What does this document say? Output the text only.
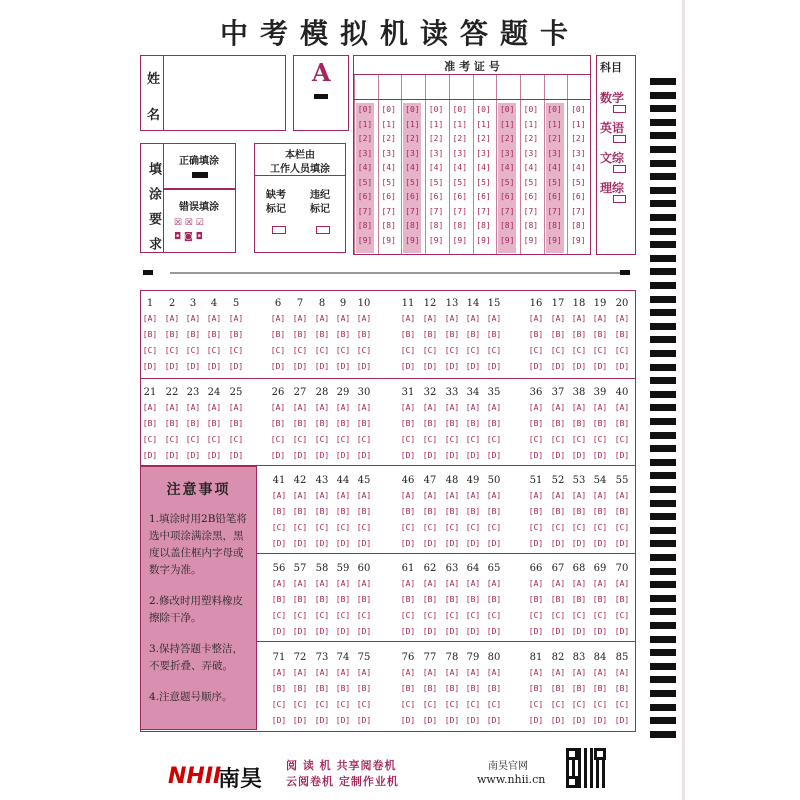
中考模拟机读答题卡
姓
名
A	准 考 证 号
[0]
[1]
[2]
[3]
[4]
[5]
[6]
[7]
[8]
[9]
[0]
[1]
[2]
[3]
[4]
[5]
[6]
[7]
[8]
[9]
[0]
[1]
[2]
[3]
[4]
[5]
[6]
[7]
[8]
[9]
[0]
[1]
[2]
[3]
[4]
[5]
[6]
[7]
[8]
[9]
[0]
[1]
[2]
[3]
[4]
[5]
[6]
[7]
[8]
[9]
[0]
[1]
[2]
[3]
[4]
[5]
[6]
[7]
[8]
[9]
[0]
[1]
[2]
[3]
[4]
[5]
[6]
[7]
[8]
[9]
[0]
[1]
[2]
[3]
[4]
[5]
[6]
[7]
[8]
[9]
[0]
[1]
[2]
[3]
[4]
[5]
[6]
[7]
[8]
[9]
[0]
[1]
[2]
[3]
[4]
[5]
[6]
[7]
[8]
[9]
科目
数学
英语
文综
理综
填涂要求
正确填涂
错误填涂
☒ ☒ ☑
◘ ◙ ◘
本栏由
工作人员填涂
缺考
标记
违纪
标记
1
[A]
[B]
[C]
[D]
2
[A]
[B]
[C]
[D]
3
[A]
[B]
[C]
[D]
4
[A]
[B]
[C]
[D]
5
[A]
[B]
[C]
[D]
6
[A]
[B]
[C]
[D]
7
[A]
[B]
[C]
[D]
8
[A]
[B]
[C]
[D]
9
[A]
[B]
[C]
[D]
10
[A]
[B]
[C]
[D]
11
[A]
[B]
[C]
[D]
12
[A]
[B]
[C]
[D]
13
[A]
[B]
[C]
[D]
14
[A]
[B]
[C]
[D]
15
[A]
[B]
[C]
[D]
16
[A]
[B]
[C]
[D]
17
[A]
[B]
[C]
[D]
18
[A]
[B]
[C]
[D]
19
[A]
[B]
[C]
[D]
20
[A]
[B]
[C]
[D]
21
[A]
[B]
[C]
[D]
22
[A]
[B]
[C]
[D]
23
[A]
[B]
[C]
[D]
24
[A]
[B]
[C]
[D]
25
[A]
[B]
[C]
[D]
26
[A]
[B]
[C]
[D]
27
[A]
[B]
[C]
[D]
28
[A]
[B]
[C]
[D]
29
[A]
[B]
[C]
[D]
30
[A]
[B]
[C]
[D]
31
[A]
[B]
[C]
[D]
32
[A]
[B]
[C]
[D]
33
[A]
[B]
[C]
[D]
34
[A]
[B]
[C]
[D]
35
[A]
[B]
[C]
[D]
36
[A]
[B]
[C]
[D]
37
[A]
[B]
[C]
[D]
38
[A]
[B]
[C]
[D]
39
[A]
[B]
[C]
[D]
40
[A]
[B]
[C]
[D]
41
[A]
[B]
[C]
[D]
42
[A]
[B]
[C]
[D]
43
[A]
[B]
[C]
[D]
44
[A]
[B]
[C]
[D]
45
[A]
[B]
[C]
[D]
46
[A]
[B]
[C]
[D]
47
[A]
[B]
[C]
[D]
48
[A]
[B]
[C]
[D]
49
[A]
[B]
[C]
[D]
50
[A]
[B]
[C]
[D]
51
[A]
[B]
[C]
[D]
52
[A]
[B]
[C]
[D]
53
[A]
[B]
[C]
[D]
54
[A]
[B]
[C]
[D]
55
[A]
[B]
[C]
[D]
56
[A]
[B]
[C]
[D]
57
[A]
[B]
[C]
[D]
58
[A]
[B]
[C]
[D]
59
[A]
[B]
[C]
[D]
60
[A]
[B]
[C]
[D]
61
[A]
[B]
[C]
[D]
62
[A]
[B]
[C]
[D]
63
[A]
[B]
[C]
[D]
64
[A]
[B]
[C]
[D]
65
[A]
[B]
[C]
[D]
66
[A]
[B]
[C]
[D]
67
[A]
[B]
[C]
[D]
68
[A]
[B]
[C]
[D]
69
[A]
[B]
[C]
[D]
70
[A]
[B]
[C]
[D]
71
[A]
[B]
[C]
[D]
72
[A]
[B]
[C]
[D]
73
[A]
[B]
[C]
[D]
74
[A]
[B]
[C]
[D]
75
[A]
[B]
[C]
[D]
76
[A]
[B]
[C]
[D]
77
[A]
[B]
[C]
[D]
78
[A]
[B]
[C]
[D]
79
[A]
[B]
[C]
[D]
80
[A]
[B]
[C]
[D]
81
[A]
[B]
[C]
[D]
82
[A]
[B]
[C]
[D]
83
[A]
[B]
[C]
[D]
84
[A]
[B]
[C]
[D]
85
[A]
[B]
[C]
[D]
注意事项

1.填涂时用2B铅笔将选中项涂满涂黑，黑度以盖住框内字母或数字为准。

2.修改时用塑料橡皮擦除干净。

3.保持答题卡整洁，不要折叠、弄破。

4.注意题号顺序。

NHII
南昊
阅 读 机 共享阅卷机
云阅卷机 定制作业机
南昊官网
www.nhii.cn
